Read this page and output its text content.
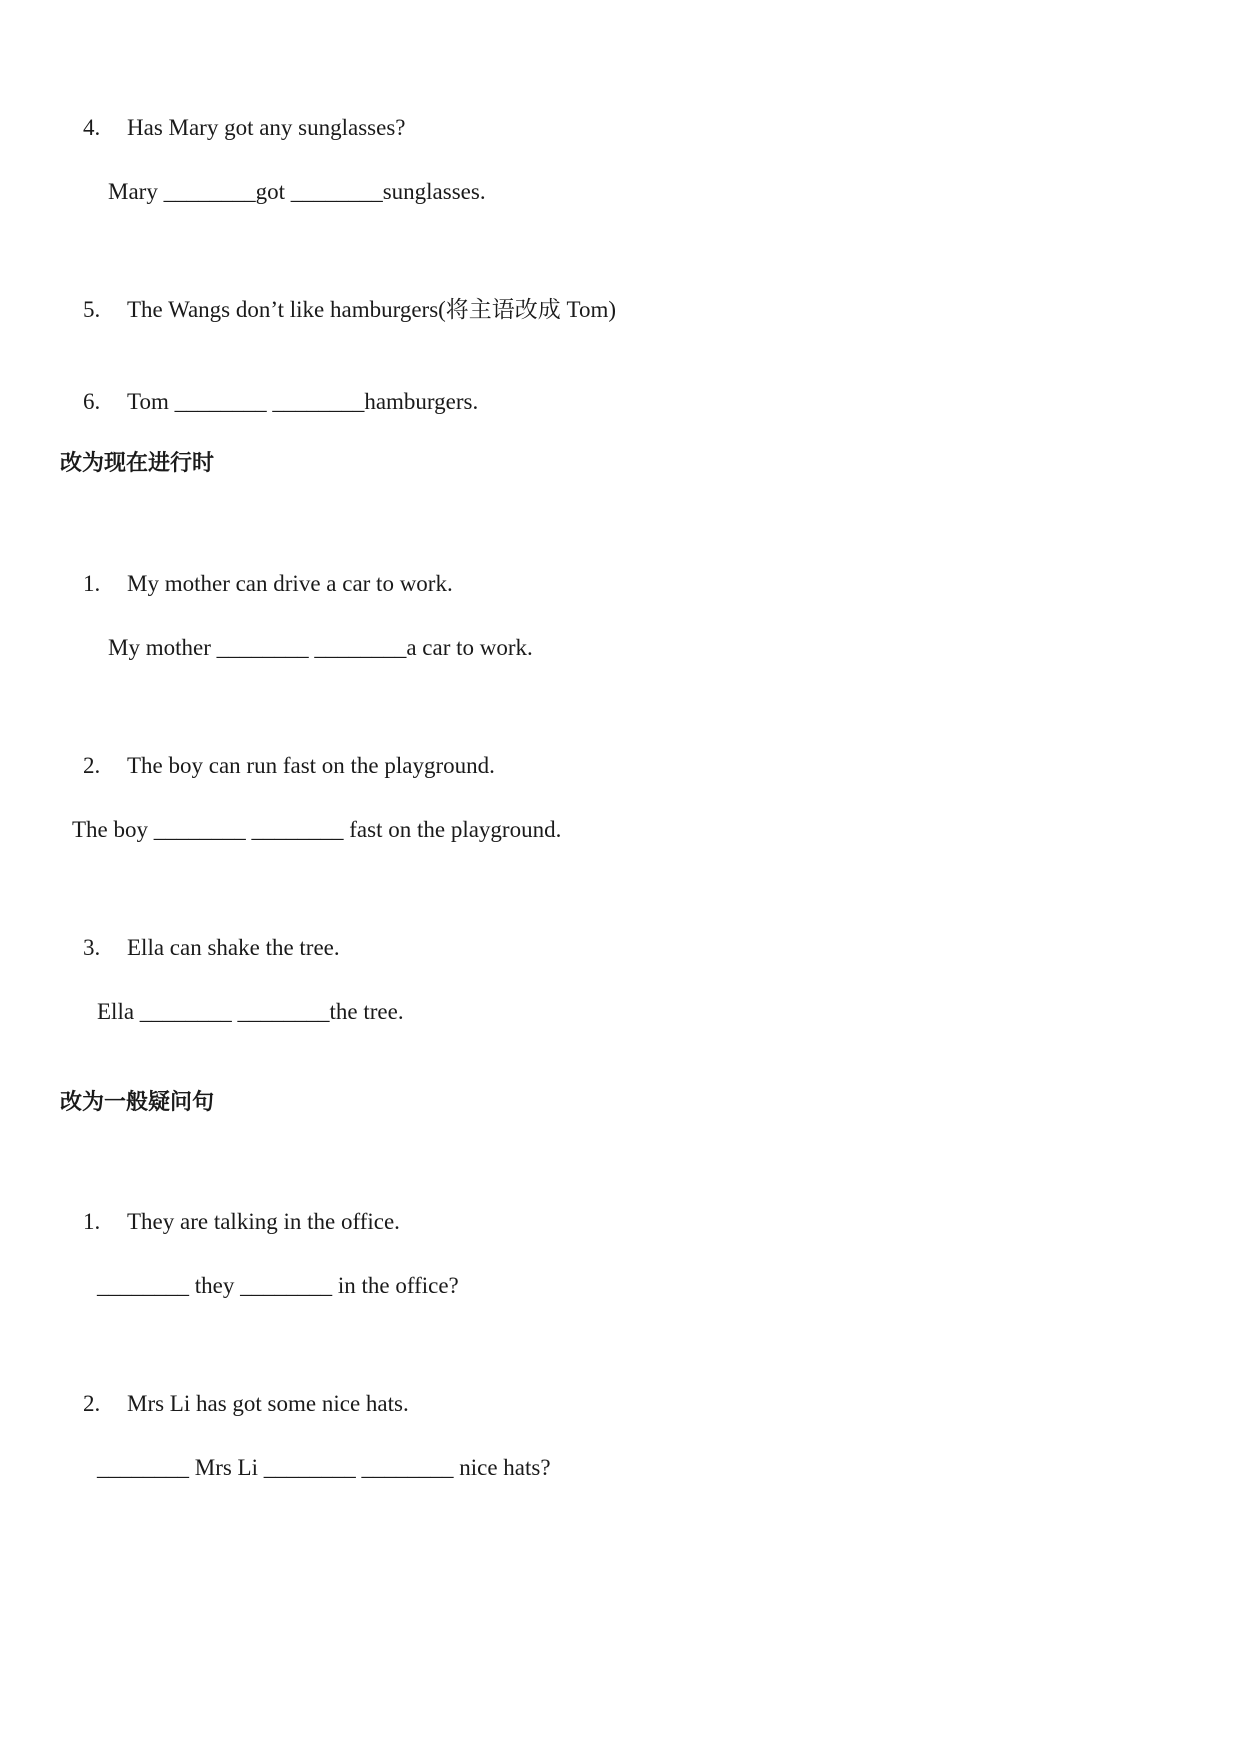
4. Has Mary got any sunglasses?

Mary ________got ________sunglasses.

5. The Wangs don’t like hamburgers(将主语改成 Tom)

6. Tom ________ ________hamburgers.

改为现在进行时

1. My mother can drive a car to work.

My mother ________ ________a car to work.

2. The boy can run fast on the playground.

The boy ________ ________ fast on the playground.

3. Ella can shake the tree.

Ella ________ ________the tree.
改为一般疑问句

1. They are talking in the office.

________ they ________ in the office?

2. Mrs Li has got some nice hats.

________ Mrs Li ________ ________ nice hats?
